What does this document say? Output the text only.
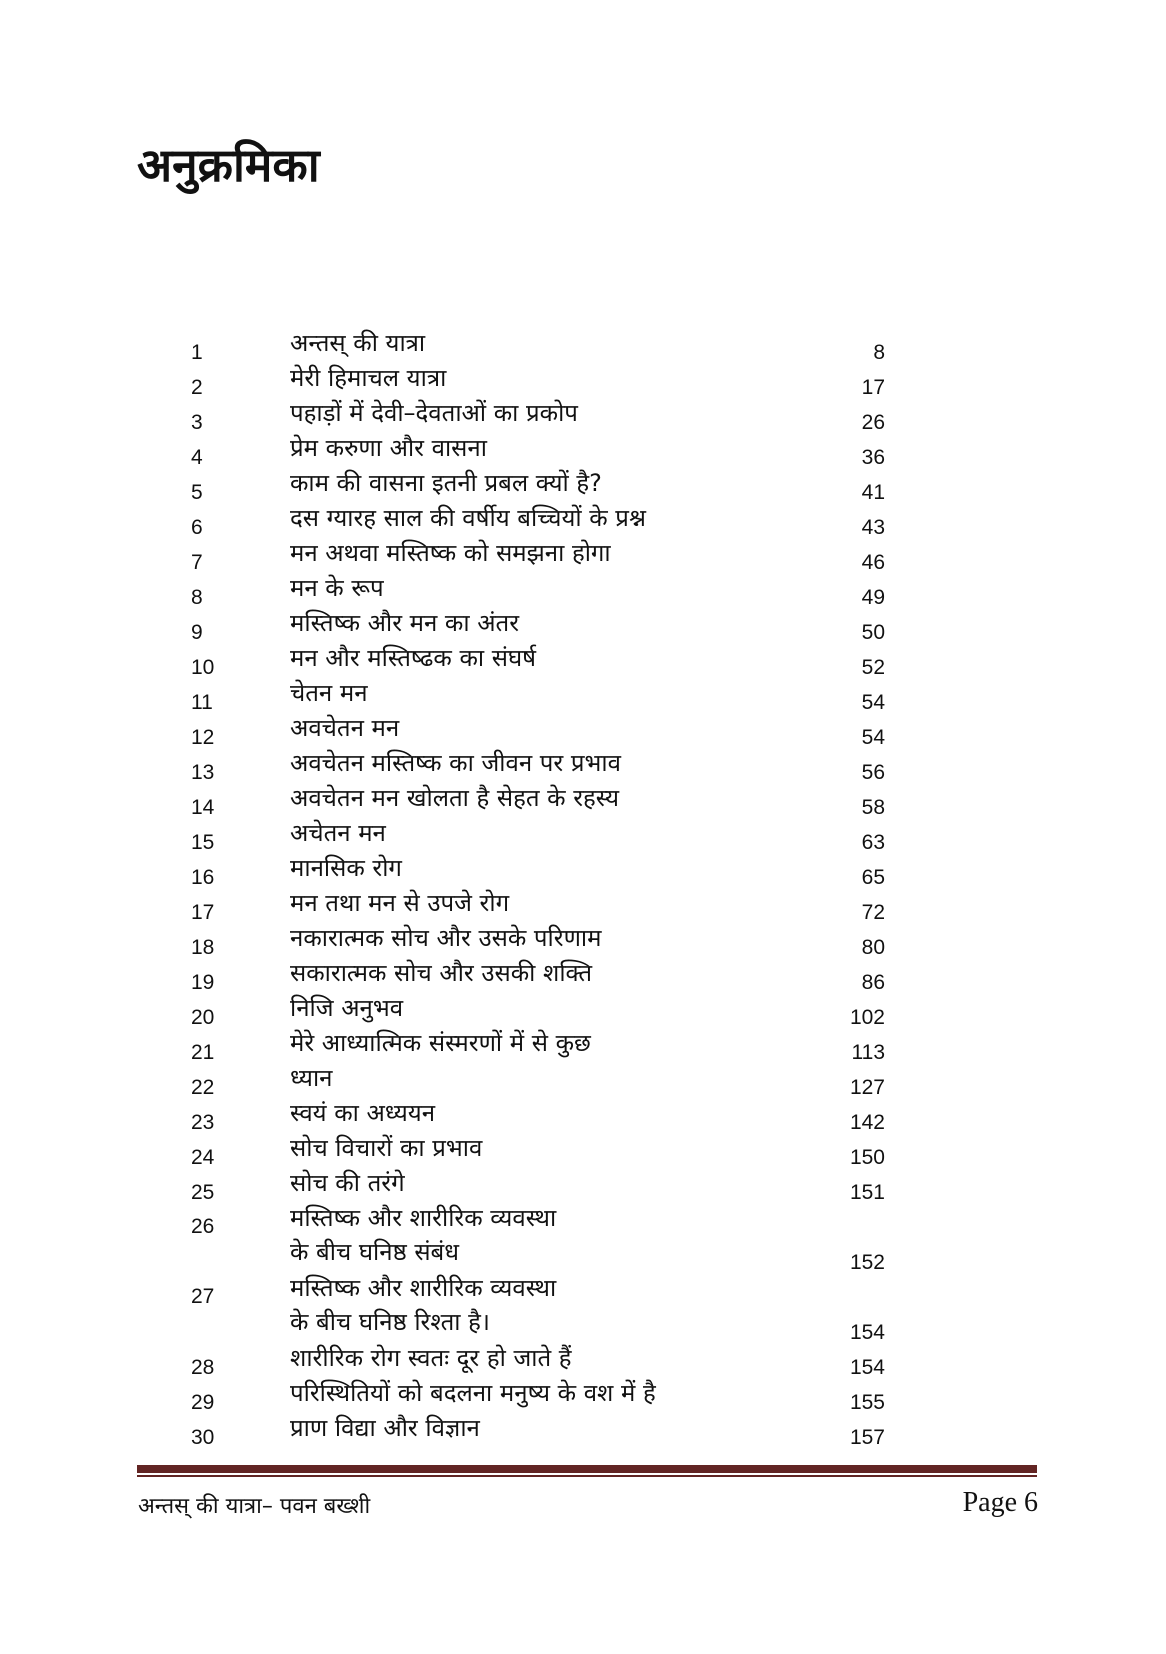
अनुक्रमिका
1	अन्तस् की यात्रा	8
2	मेरी हिमाचल यात्रा	17
3	पहाड़ों में देवी–देवताओं का प्रकोप	26
4	प्रेम करुणा और वासना	36
5	काम की वासना इतनी प्रबल क्यों है?	41
6	दस ग्यारह साल की वर्षीय बच्चियों के प्रश्न	43
7	मन अथवा मस्तिष्क को समझना होगा	46
8	मन के रूप	49
9	मस्तिष्क और मन का अंतर	50
10	मन और मस्तिष्ढक का संघर्ष	52
11	चेतन मन	54
12	अवचेतन मन	54
13	अवचेतन मस्तिष्क का जीवन पर प्रभाव	56
14	अवचेतन मन खोलता है सेहत के रहस्य	58
15	अचेतन मन	63
16	मानसिक रोग	65
17	मन तथा मन से उपजे रोग	72
18	नकारात्मक सोच और उसके परिणाम	80
19	सकारात्मक सोच और उसकी शक्ति	86
20	निजि अनुभव	102
21	मेरे आध्यात्मिक संस्मरणों में से कुछ	113
22	ध्यान	127
23	स्वयं का अध्ययन	142
24	सोच विचारों का प्रभाव	150
25	सोच की तरंगे	151
26	मस्तिष्क और शारीरिक व्यवस्था
के बीच घनिष्ठ संबंध	152
27	मस्तिष्क और शारीरिक व्यवस्था
के बीच घनिष्ठ रिश्ता है।	154
28	शारीरिक रोग स्वतः दूर हो जाते हैं	154
29	परिस्थितियों को बदलना मनुष्य के वश में है	155
30	प्राण विद्या और विज्ञान	157
अन्तस् की यात्रा– पवन बख्शी	Page 6
